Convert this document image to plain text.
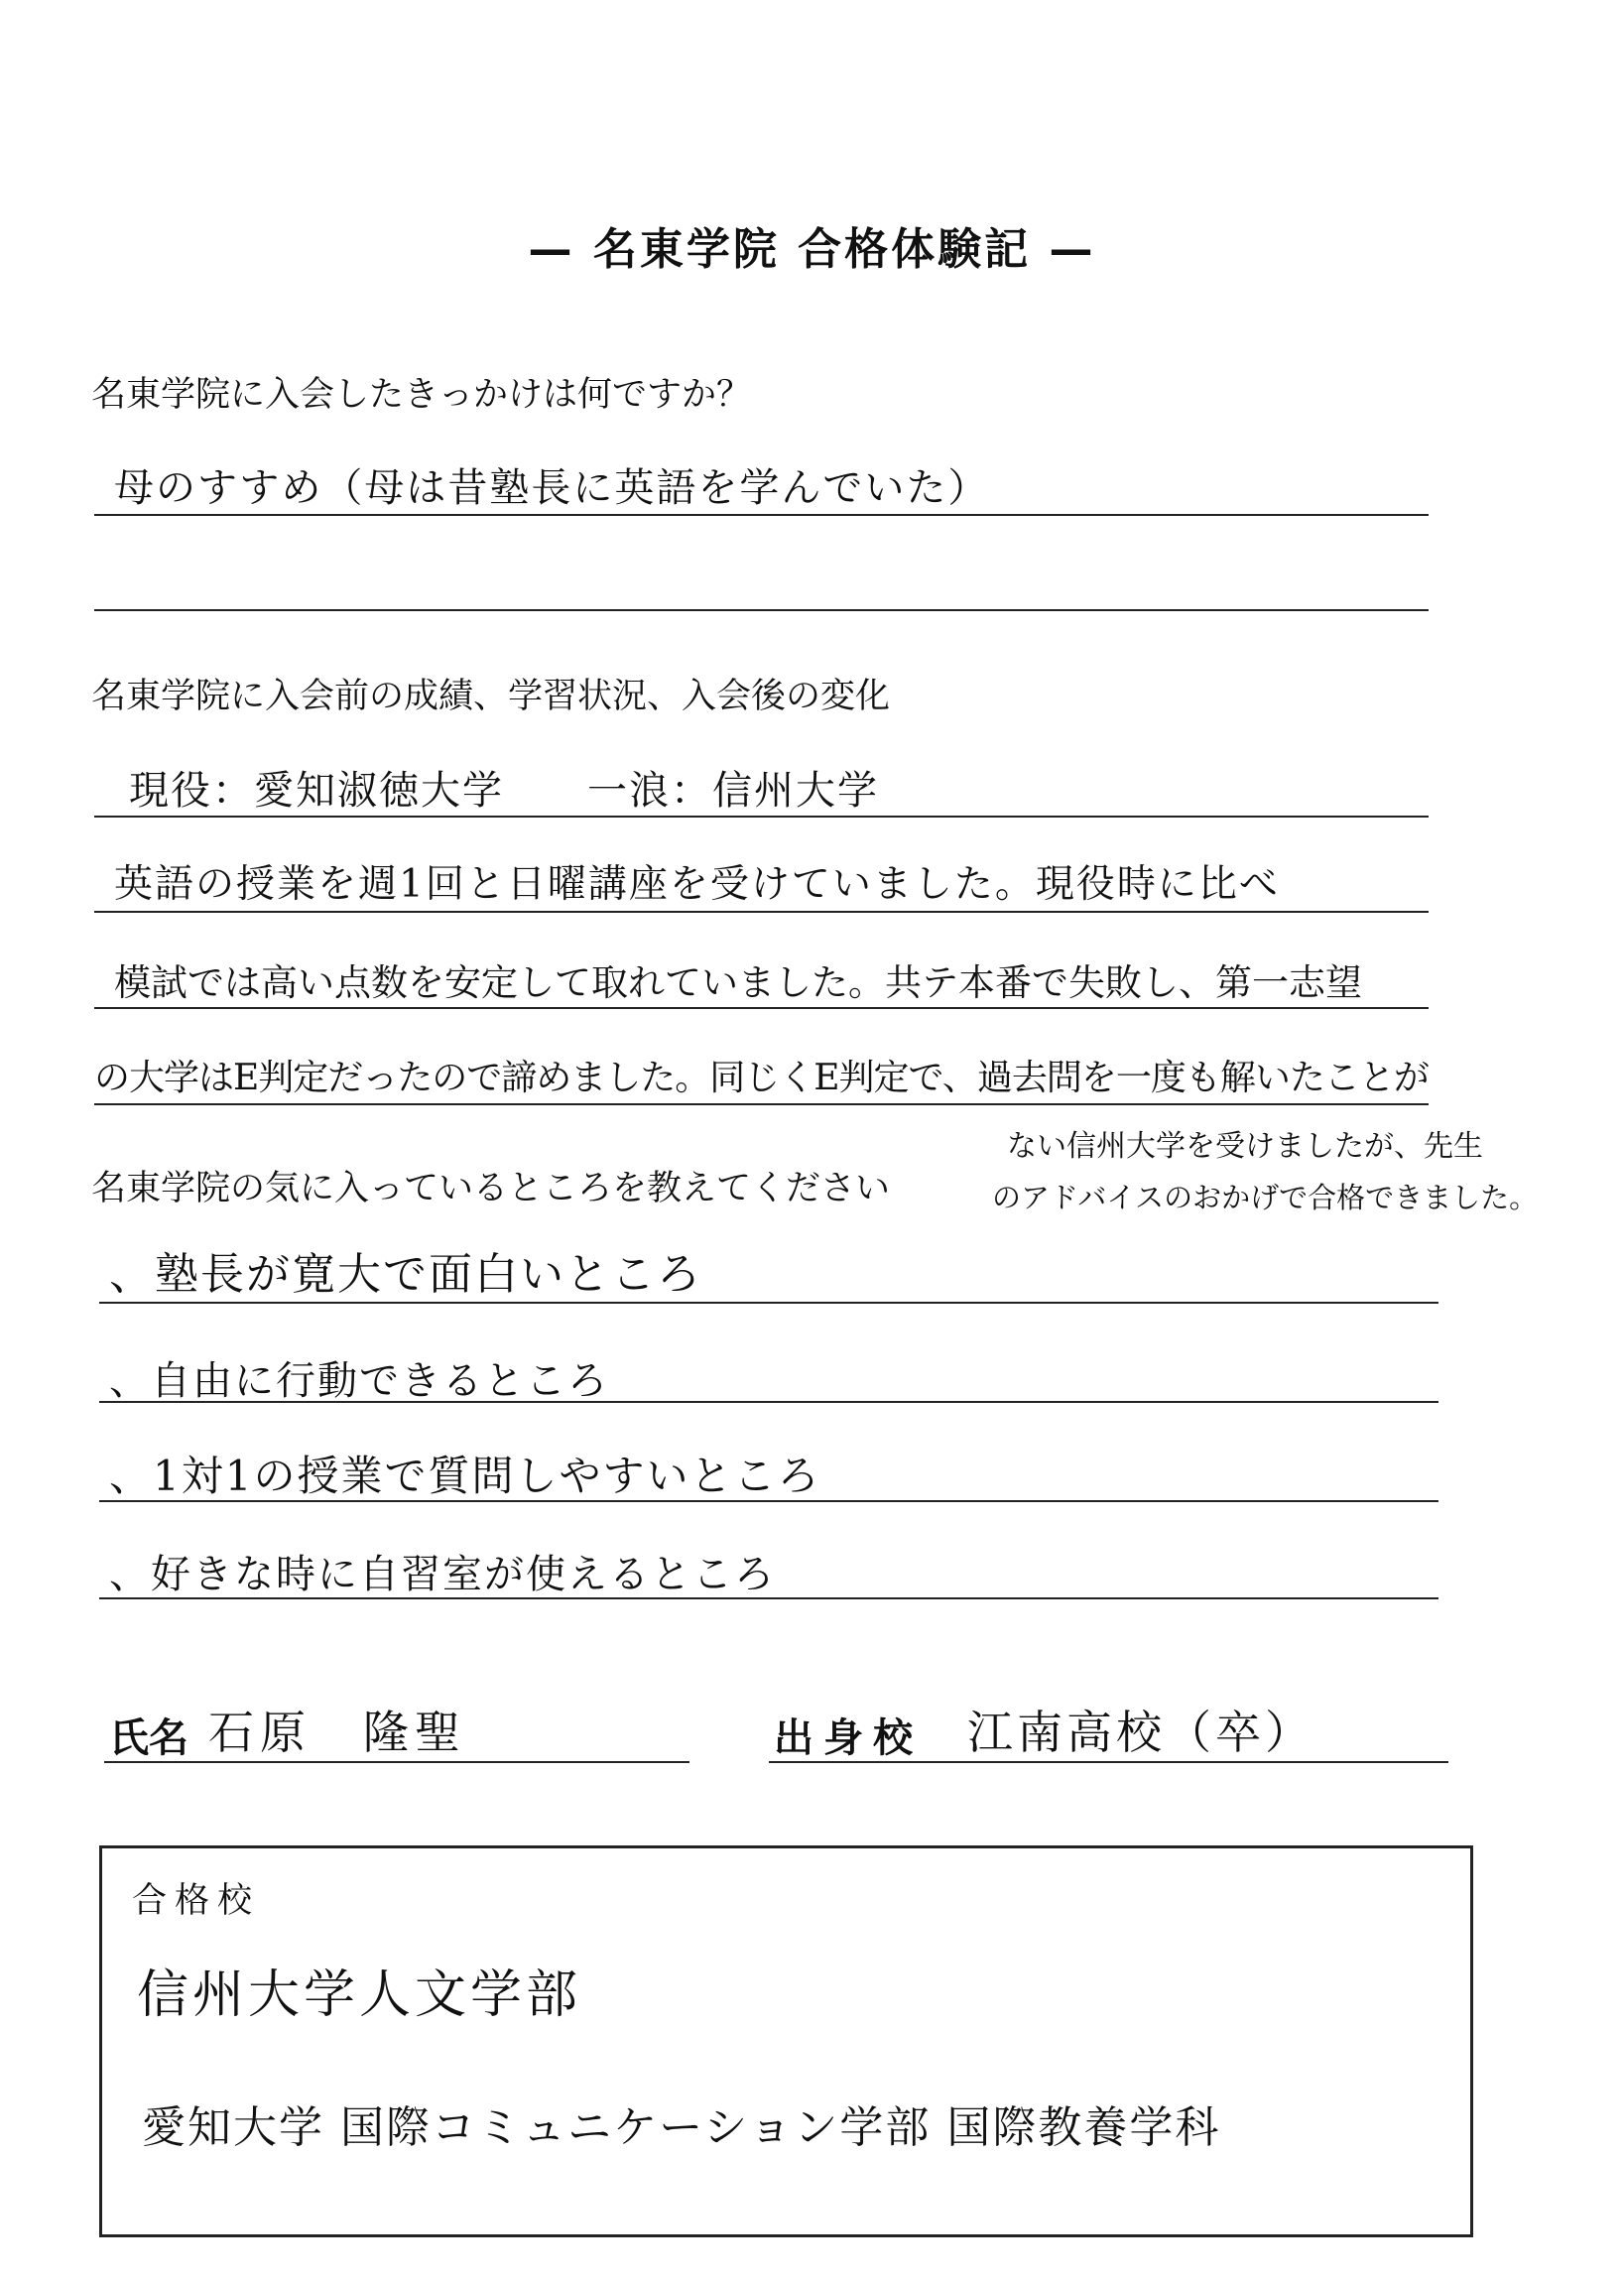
— 名東学院 合格体験記 —
名東学院に入会したきっかけは何ですか？
母のすすめ（母は昔塾長に英語を学んでいた）
名東学院に入会前の成績、学習状況、入会後の変化
現役：愛知淑徳大学　　一浪：信州大学
英語の授業を週1回と日曜講座を受けていました。現役時に比べ
模試では高い点数を安定して取れていました。共テ本番で失敗し、第一志望
の大学はE判定だったので諦めました。同じくE判定で、過去問を一度も解いたことが
ない信州大学を受けましたが、先生
のアドバイスのおかげで合格できました。
名東学院の気に入っているところを教えてください
、塾長が寛大で面白いところ
、自由に行動できるところ
、1対1の授業で質問しやすいところ
、好きな時に自習室が使えるところ
氏名 石原　隆聖	出身校 江南高校（卒）
合格校
信州大学人文学部
愛知大学 国際コミュニケーション学部 国際教養学科
